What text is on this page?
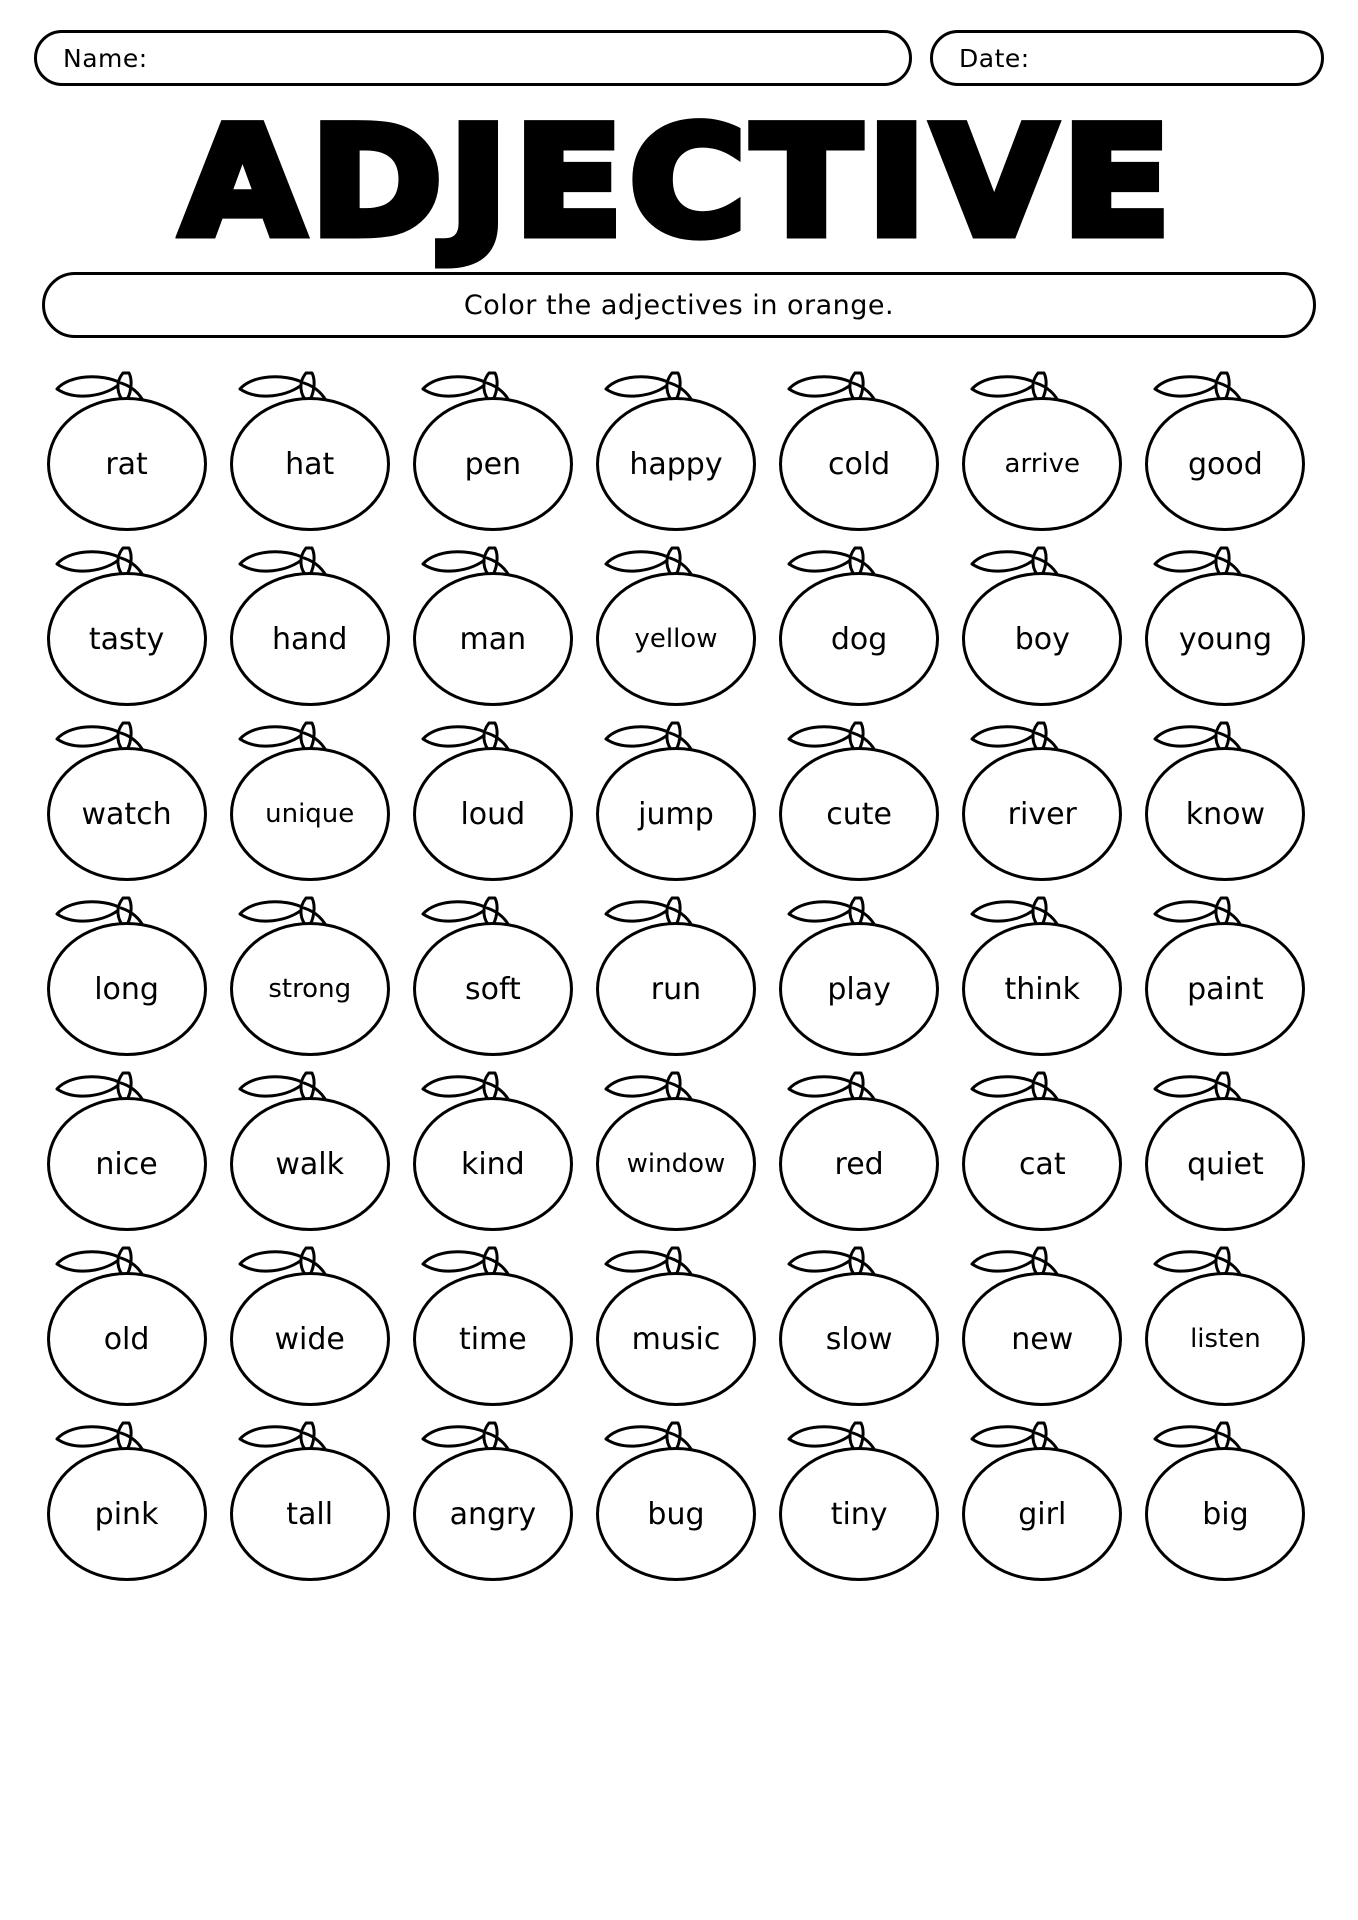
Name:	Date:
ADJECTIVE
Color the adjectives in orange.
rat	hat	pen	happy	cold	arrive	good
tasty	hand	man	yellow	dog	boy	young
watch	unique	loud	jump	cute	river	know
long	strong	soft	run	play	think	paint
nice	walk	kind	window	red	cat	quiet
old	wide	time	music	slow	new	listen
pink	tall	angry	bug	tiny	girl	big
